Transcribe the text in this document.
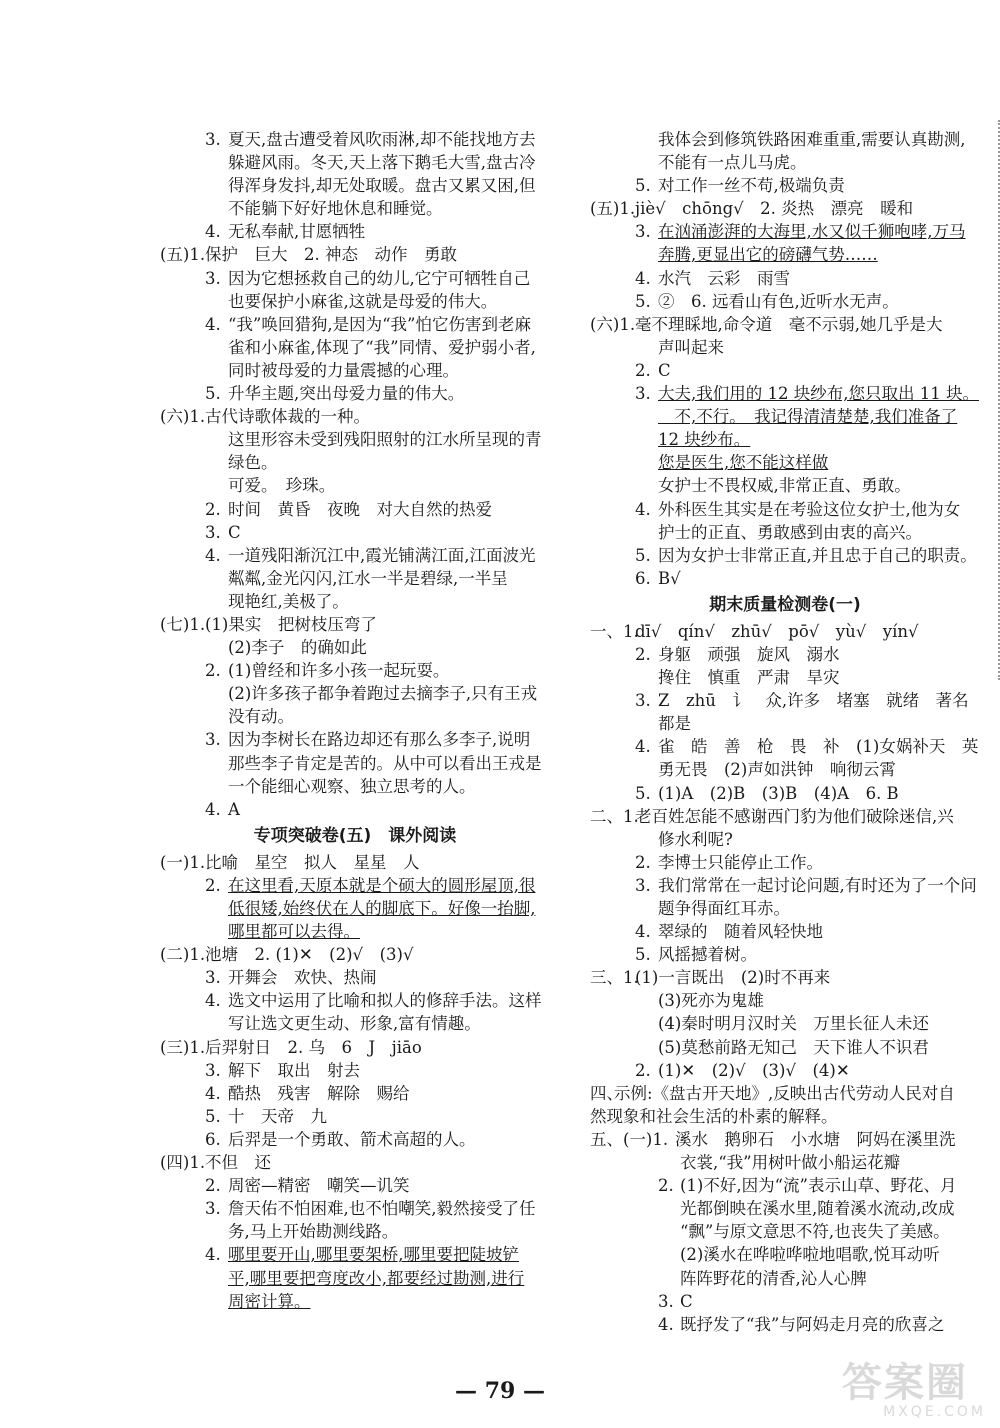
3. 夏天,盘古遭受着风吹雨淋,却不能找地方去
躲避风雨。冬天,天上落下鹅毛大雪,盘古冷
得浑身发抖,却无处取暖。盘古又累又困,但
不能躺下好好地休息和睡觉。
4. 无私奉献,甘愿牺牲
(五)1. 保护　巨大　2. 神态　动作　勇敢
3. 因为它想拯救自己的幼儿,它宁可牺牲自己
也要保护小麻雀,这就是母爱的伟大。
4. “我”唤回猎狗,是因为“我”怕它伤害到老麻
雀和小麻雀,体现了“我”同情、爱护弱小者,
同时被母爱的力量震撼的心理。
5. 升华主题,突出母爱力量的伟大。
(六)1. 古代诗歌体裁的一种。
这里形容未受到残阳照射的江水所呈现的青
绿色。
可爱。　珍珠。
2. 时间　黄昏　夜晚　对大自然的热爱
3. C
4. 一道残阳渐沉江中,霞光铺满江面,江面波光
粼粼,金光闪闪,江水一半是碧绿,一半呈
现艳红,美极了。
(七)1. (1)果实　把树枝压弯了
(2)李子　的确如此
2. (1)曾经和许多小孩一起玩耍。
(2)许多孩子都争着跑过去摘李子,只有王戎
没有动。
3. 因为李树长在路边却还有那么多李子,说明
那些李子肯定是苦的。从中可以看出王戎是
一个能细心观察、独立思考的人。
4. A
专项突破卷(五)　课外阅读
(一)1. 比喻　星空　拟人　星星　人
2. 在这里看,天原本就是个硕大的圆形屋顶,很
低很矮,始终伏在人的脚底下。好像一抬脚,
哪里都可以去得。
(二)1. 池塘　2. (1)✕　(2)√　(3)√
3. 开舞会　欢快、热闹
4. 选文中运用了比喻和拟人的修辞手法。这样
写让选文更生动、形象,富有情趣。
(三)1. 后羿射日　2. 乌　6　J　jiāo
3. 解下　取出　射去
4. 酷热　残害　解除　赐给
5. 十　天帝　九
6. 后羿是一个勇敢、箭术高超的人。
(四)1. 不但　还
2. 周密—精密　嘲笑—讥笑
3. 詹天佑不怕困难,也不怕嘲笑,毅然接受了任
务,马上开始勘测线路。
4. 哪里要开山,哪里要架桥,哪里要把陡坡铲
平,哪里要把弯度改小,都要经过勘测,进行
周密计算。
我体会到修筑铁路困难重重,需要认真勘测,
不能有一点儿马虎。
5. 对工作一丝不苟,极端负责
(五)1. jiè√　chōng√　2. 炎热　漂亮　暖和
3. 在汹涌澎湃的大海里,水又似千狮咆哮,万马
奔腾,更显出它的磅礴气势……
4. 水汽　云彩　雨雪
5. ②　6. 远看山有色,近听水无声。
(六)1. 毫不理睬地,命令道　毫不示弱,她几乎是大
声叫起来
2. C
3. 大夫,我们用的 12 块纱布,您只取出 11 块。
　不,不行。　我记得清清楚楚,我们准备了
12 块纱布。
您是医生,您不能这样做
女护士不畏权威,非常正直、勇敢。
4. 外科医生其实是在考验这位女护士,他为女
护士的正直、勇敢感到由衷的高兴。
5. 因为女护士非常正直,并且忠于自己的职责。
6. B√
期末质量检测卷(一)
一、1.
dī√　qín√　zhū√　pō√　yù√　yín√
2. 身躯　顽强　旋风　溺水
搀住　慎重　严肃　旱灾
3. Z　zhū　讠　众,许多　堵塞　就绪　著名
都是
4. 雀　皓　善　枪　畏　补　(1)女娲补天　英
勇无畏　(2)声如洪钟　响彻云霄
5. (1)A　(2)B　(3)B　(4)A　6. B
二、1.
老百姓怎能不感谢西门豹为他们破除迷信,兴
修水利呢?
2. 李博士只能停止工作。
3. 我们常常在一起讨论问题,有时还为了一个问
题争得面红耳赤。
4. 翠绿的　随着风轻快地
5. 风摇撼着树。
三、1.
(1)一言既出　(2)时不再来
(3)死亦为鬼雄
(4)秦时明月汉时关　万里长征人未还
(5)莫愁前路无知己　天下谁人不识君
2. (1)✕　(2)√　(3)√　(4)✕
四、
示例:《盘古开天地》,反映出古代劳动人民对自
然现象和社会生活的朴素的解释。
五、(一)1. 溪水　鹅卵石　小水塘　阿妈在溪里洗
衣裳,“我”用树叶做小船运花瓣
2. (1)不好,因为“流”表示山草、野花、月
光都倒映在溪水里,随着溪水流动,改成
“飘”与原文意思不符,也丧失了美感。
(2)溪水在哗啦哗啦地唱歌,悦耳动听
阵阵野花的清香,沁人心脾
3. C
4. 既抒发了“我”与阿妈走月亮的欣喜之
— 79 —	答案圈
MXQE.COM
